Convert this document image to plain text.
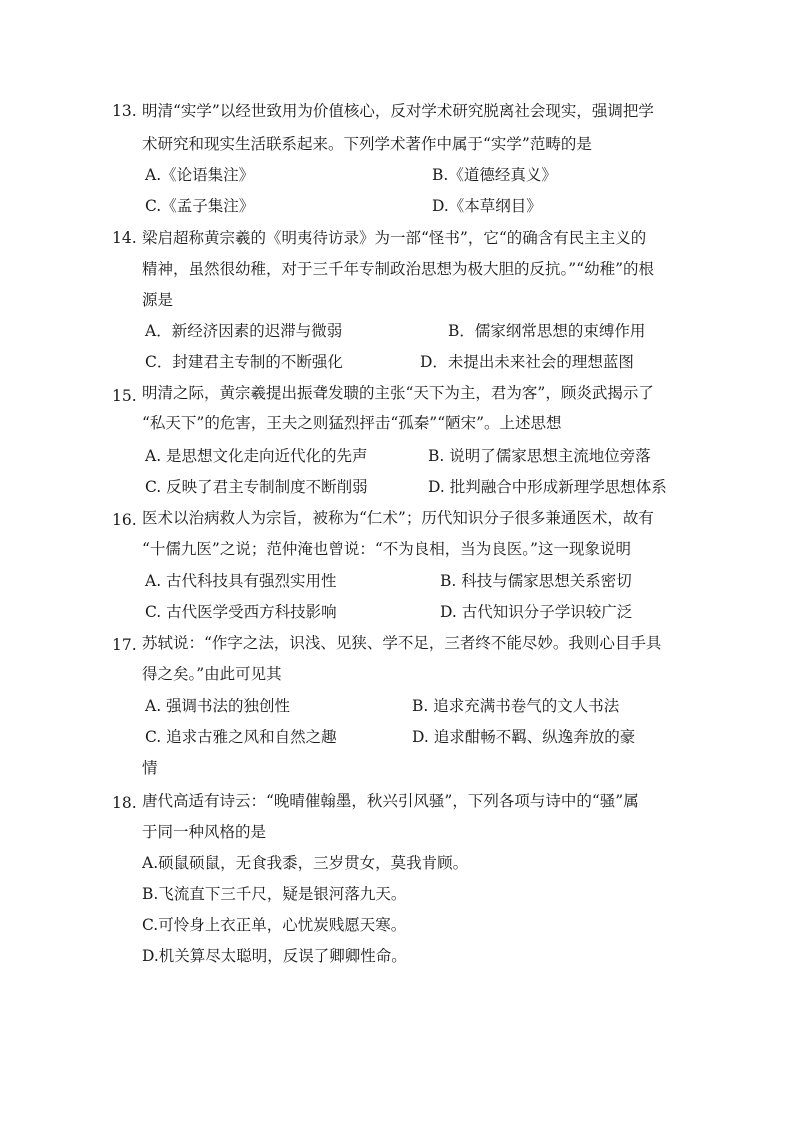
13. 明清“实学”以经世致用为价值核心，反对学术研究脱离社会现实，强调把学
术研究和现实生活联系起来。下列学术著作中属于“实学”范畴的是
A.《论语集注》	B.《道德经真义》
C.《孟子集注》	D.《本草纲目》
14. 梁启超称黄宗羲的《明夷待访录》为一部“怪书”，它“的确含有民主主义的
精神，虽然很幼稚，对于三千年专制政治思想为极大胆的反抗。”“幼稚”的根
源是
A．新经济因素的迟滞与微弱	B．儒家纲常思想的束缚作用
C．封建君主专制的不断强化	D．未提出未来社会的理想蓝图
15. 明清之际，黄宗羲提出振聋发聩的主张“天下为主，君为客”，顾炎武揭示了
“私天下”的危害，王夫之则猛烈抨击“孤秦”“陋宋”。上述思想
A. 是思想文化走向近代化的先声	B. 说明了儒家思想主流地位旁落
C. 反映了君主专制制度不断削弱	D. 批判融合中形成新理学思想体系
16. 医术以治病救人为宗旨，被称为“仁术”；历代知识分子很多兼通医术，故有
“十儒九医”之说；范仲淹也曾说：“不为良相，当为良医。”这一现象说明
A. 古代科技具有强烈实用性	B. 科技与儒家思想关系密切
C. 古代医学受西方科技影响	D. 古代知识分子学识较广泛
17. 苏轼说：“作字之法，识浅、见狭、学不足，三者终不能尽妙。我则心目手具
得之矣。”由此可见其
A. 强调书法的独创性	B. 追求充满书卷气的文人书法
C. 追求古雅之风和自然之趣	D. 追求酣畅不羁、纵逸奔放的豪
情
18. 唐代高适有诗云：“晚晴催翰墨，秋兴引风骚”，下列各项与诗中的“骚”属
于同一种风格的是
A.硕鼠硕鼠，无食我黍，三岁贯女，莫我肯顾。
B.飞流直下三千尺，疑是银河落九天。
C.可怜身上衣正单，心忧炭贱愿天寒。
D.机关算尽太聪明，反误了卿卿性命。
